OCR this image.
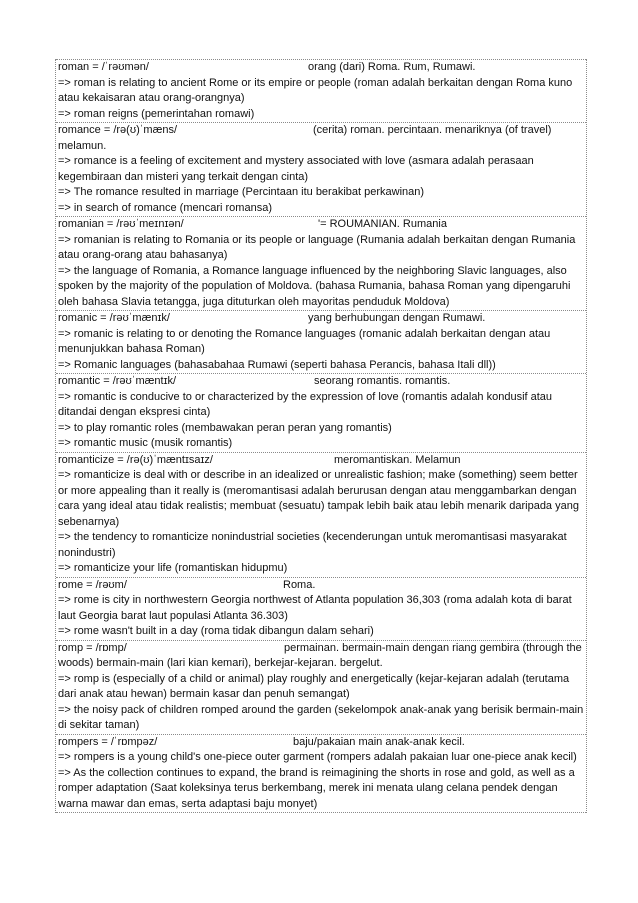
roman = /ˈrəʊmən/	orang (dari) Roma. Rum, Rumawi.
=> roman is relating to ancient Rome or its empire or people (roman adalah berkaitan dengan Roma kuno atau kekaisaran atau orang-orangnya)
=> roman reigns (pemerintahan romawi)
romance = /rə(ʊ)ˈmæns/	(cerita) roman. percintaan. menariknya (of travel) melamun.
=> romance is a feeling of excitement and mystery associated with love (asmara adalah perasaan kegembiraan dan misteri yang terkait dengan cinta)
=> The romance resulted in marriage (Percintaan itu berakibat perkawinan)
=> in search of romance (mencari romansa)
romanian = /rəʊˈmeɪnɪən/	'= ROUMANIAN. Rumania
=> romanian is relating to Romania or its people or language (Rumania adalah berkaitan dengan Rumania atau orang-orang atau bahasanya)
=> the language of Romania, a Romance language influenced by the neighboring Slavic languages, also spoken by the majority of the population of Moldova. (bahasa Rumania, bahasa Roman yang dipengaruhi oleh bahasa Slavia tetangga, juga dituturkan oleh mayoritas penduduk Moldova)
romanic = /rəʊˈmænɪk/	yang berhubungan dengan Rumawi.
=> romanic is relating to or denoting the Romance languages (romanic adalah berkaitan dengan atau menunjukkan bahasa Roman)
=> Romanic languages (bahasabahaa Rumawi (seperti bahasa Perancis, bahasa Itali dll))
romantic = /rəʊˈmæntɪk/	seorang romantis. romantis.
=> romantic is conducive to or characterized by the expression of love (romantis adalah kondusif atau ditandai dengan ekspresi cinta)
=> to play romantic roles (membawakan peran peran yang romantis)
=> romantic music (musik romantis)
romanticize = /rə(ʊ)ˈmæntɪsaɪz/	meromantiskan. Melamun
=> romanticize is deal with or describe in an idealized or unrealistic fashion; make (something) seem better or more appealing than it really is (meromantisasi adalah berurusan dengan atau menggambarkan dengan cara yang ideal atau tidak realistis; membuat (sesuatu) tampak lebih baik atau lebih menarik daripada yang sebenarnya)
=> the tendency to romanticize nonindustrial societies (kecenderungan untuk meromantisasi masyarakat nonindustri)
=> romanticize your life (romantiskan hidupmu)
rome = /rəʊm/	Roma.
=> rome is city in northwestern Georgia northwest of Atlanta population 36,303 (roma adalah kota di barat laut Georgia barat laut populasi Atlanta 36.303)
=> rome wasn't built in a day (roma tidak dibangun dalam sehari)
romp = /rɒmp/	permainan. bermain-main dengan riang gembira (through the woods) bermain-main (lari kian kemari), berkejar-kejaran. bergelut.
=> romp is (especially of a child or animal) play roughly and energetically (kejar-kejaran adalah (terutama dari anak atau hewan) bermain kasar dan penuh semangat)
=> the noisy pack of children romped around the garden (sekelompok anak-anak yang berisik bermain-main di sekitar taman)
rompers = /ˈrɒmpəz/	baju/pakaian main anak-anak kecil.
=> rompers is a young child's one-piece outer garment (rompers adalah pakaian luar one-piece anak kecil)
=> As the collection continues to expand, the brand is reimagining the shorts in rose and gold, as well as a romper adaptation (Saat koleksinya terus berkembang, merek ini menata ulang celana pendek dengan warna mawar dan emas, serta adaptasi baju monyet)
